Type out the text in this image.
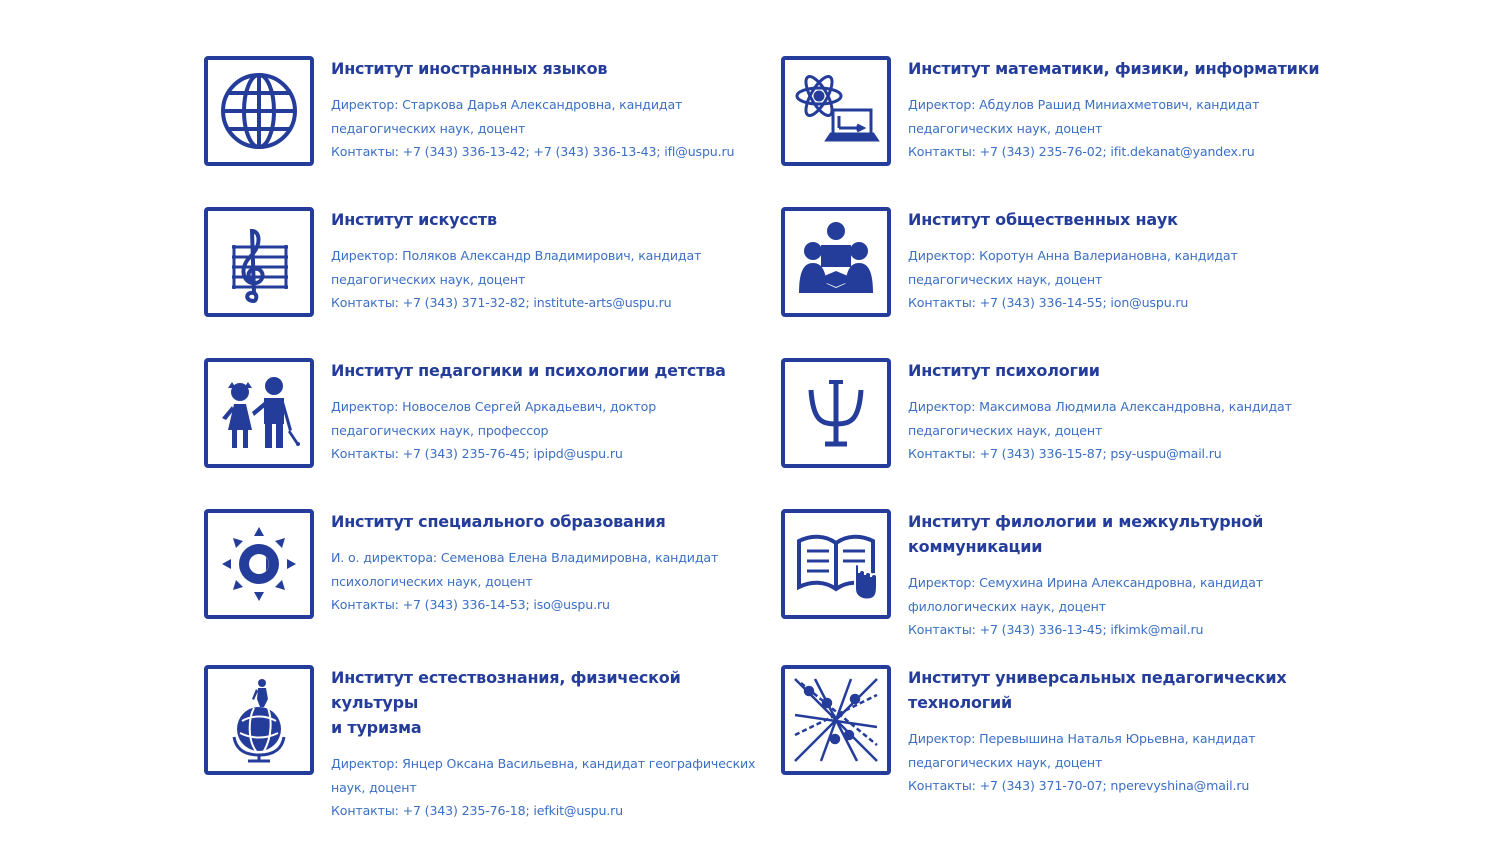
Институт иностранных языков

Директор: Старкова Дарья Александровна, кандидат

педагогических наук, доцент

Контакты: +7 (343) 336-13-42; +7 (343) 336-13-43; ifl@uspu.ru

Институт математики, физики, информатики

Директор: Абдулов Рашид Миниахметович, кандидат

педагогических наук, доцент

Контакты: +7 (343) 235-76-02; ifit.dekanat@yandex.ru

Институт искусств

Директор: Поляков Александр Владимирович, кандидат

педагогических наук, доцент

Контакты: +7 (343) 371-32-82; institute-arts@uspu.ru

Институт общественных наук

Директор: Коротун Анна Валериановна, кандидат

педагогических наук, доцент

Контакты: +7 (343) 336-14-55; ion@uspu.ru

Институт педагогики и психологии детства

Директор: Новоселов Сергей Аркадьевич, доктор

педагогических наук, профессор

Контакты: +7 (343) 235-76-45; ipipd@uspu.ru

Институт психологии

Директор: Максимова Людмила Александровна, кандидат

педагогических наук, доцент

Контакты: +7 (343) 336-15-87; psy-uspu@mail.ru

Институт специального образования

И. о. директора: Семенова Елена Владимировна, кандидат

психологических наук, доцент

Контакты: +7 (343) 336-14-53; iso@uspu.ru

Институт филологии и межкультурной

коммуникации

Директор: Семухина Ирина Александровна, кандидат

филологических наук, доцент

Контакты: +7 (343) 336-13-45; ifkimk@mail.ru

Институт естествознания, физической культуры

и туризма

Директор: Янцер Оксана Васильевна, кандидат географических

наук, доцент

Контакты: +7 (343) 235-76-18; iefkit@uspu.ru

Институт универсальных педагогических

технологий

Директор: Перевышина Наталья Юрьевна, кандидат

педагогических наук, доцент

Контакты: +7 (343) 371-70-07; nperevyshina@mail.ru
